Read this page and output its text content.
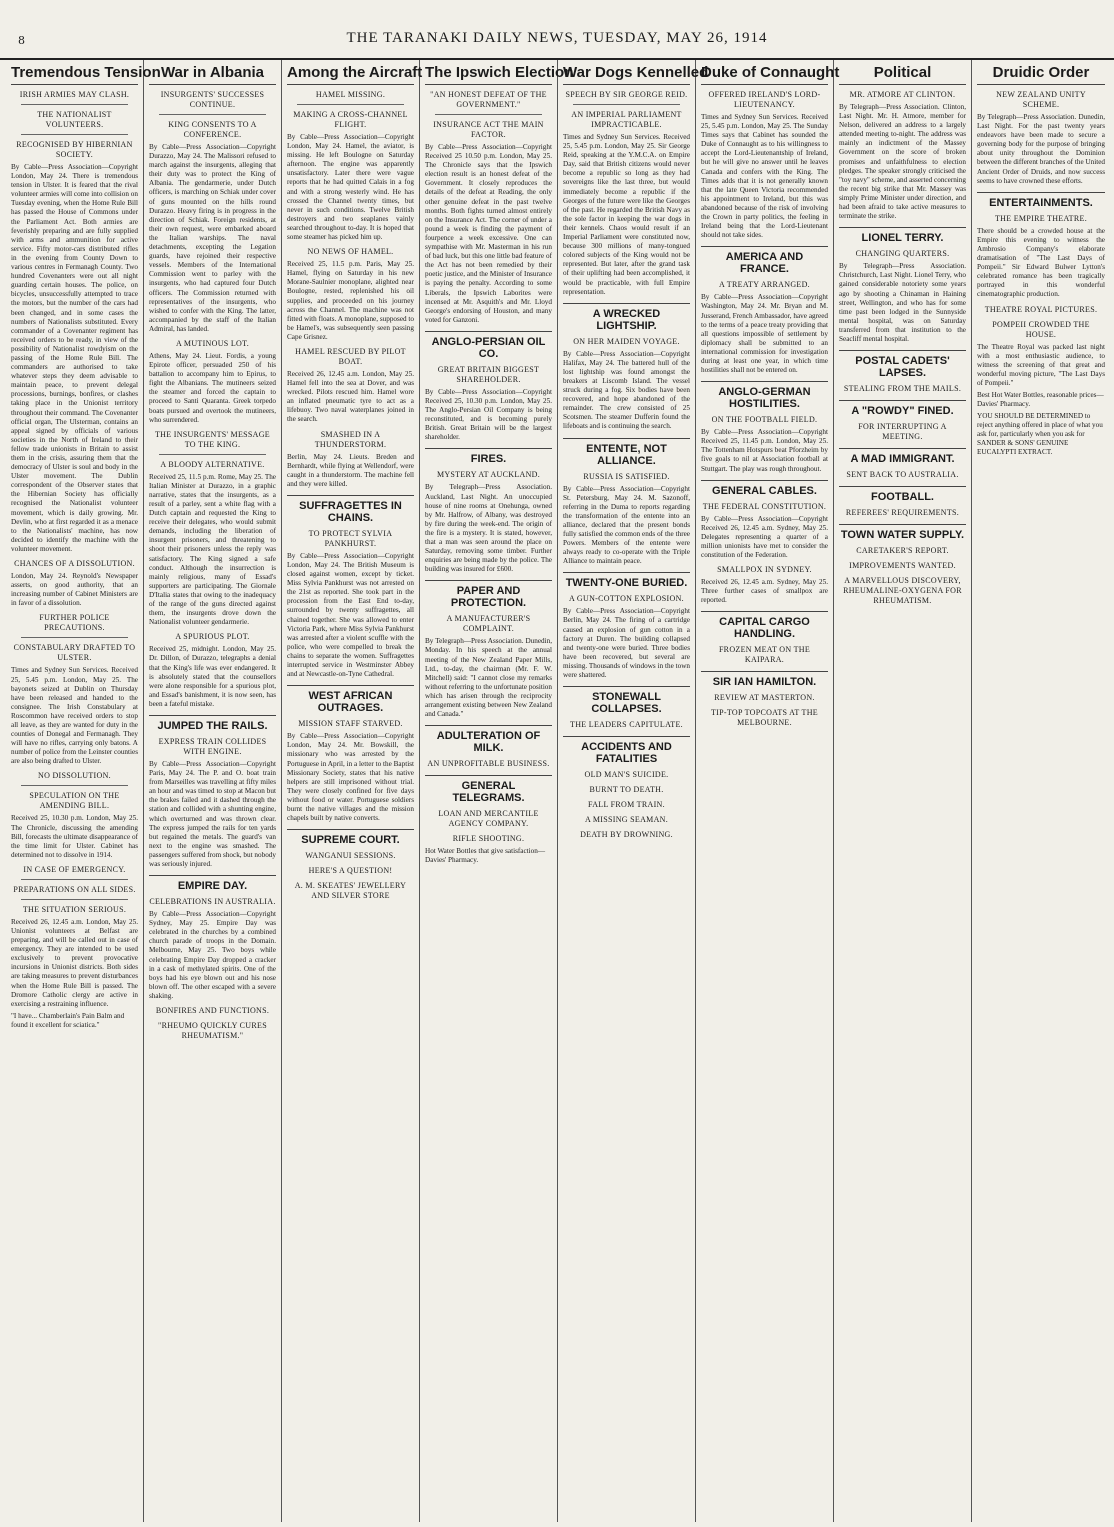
8	THE TARANAKI DAILY NEWS, TUESDAY, MAY 26, 1914
Tremendous Tension
IRISH ARMIES MAY CLASH.
THE NATIONALIST VOLUNTEERS.
RECOGNISED BY HIBERNIAN SOCIETY.
By Cable—Press Association—Copyright London, May 24. There is tremendous tension in Ulster. It is feared that the rival volunteer armies will come into collision on Tuesday evening, when the Home Rule Bill has passed the House of Commons under the Parliament Act. Both armies are feverishly preparing and are fully supplied with arms and ammunition for active service. Fifty motor-cars distributed rifles in the evening from County Down to various centres in Fermanagh County. Two hundred Covenanters were out all night guarding certain houses. The police, on bicycles, unsuccessfully attempted to trace the motors, but the number of the cars had been changed, and in some cases the numbers of Nationalists substituted. Every commander of a Covenanter regiment has received orders to be ready, in view of the possibility of Nationalist rowdyism on the passing of the Home Rule Bill. The commanders are authorised to take whatever steps they deem advisable to maintain peace, to prevent delegal processions, burnings, bonfires, or clashes taking place in the Unionist territory throughout their command. The Covenanter official organ, The Ulsterman, contains an appeal signed by officials of various societies in the North of Ireland to their fellow trade unionists in Britain to assist them in the crisis, assuring them that the democracy of Ulster is soul and body in the Ulster movement. The Dublin correspondent of the Observer states that the Hibernian Society has officially recognised the Nationalist volunteer movement, which is daily growing. Mr. Devlin, who at first regarded it as a menace to the Nationalists' machine, has now decided to identify the machine with the volunteer movement.
CHANCES OF A DISSOLUTION.
London, May 24. Reynold's Newspaper asserts, on good authority, that an increasing number of Cabinet Ministers are in favor of a dissolution.
FURTHER POLICE PRECAUTIONS.
CONSTABULARY DRAFTED TO ULSTER.
Times and Sydney Sun Services. Received 25, 5.45 p.m. London, May 25. The bayonets seized at Dublin on Thursday have been released and handed to the consignee. The Irish Constabulary at Roscommon have received orders to stop all leave, as they are wanted for duty in the counties of Donegal and Fermanagh. They will have no rifles, carrying only batons. A number of police from the Leinster counties are also being drafted to Ulster.
NO DISSOLUTION.
SPECULATION ON THE AMENDING BILL.
Received 25, 10.30 p.m. London, May 25. The Chronicle, discussing the amending Bill, forecasts the ultimate disappearance of the time limit for Ulster. Cabinet has determined not to dissolve in 1914.
IN CASE OF EMERGENCY.
PREPARATIONS ON ALL SIDES.
THE SITUATION SERIOUS.
Received 26, 12.45 a.m. London, May 25. Unionist volunteers at Belfast are preparing, and will be called out in case of emergency. They are intended to be used exclusively to prevent provocative incursions in Unionist districts. Both sides are taking measures to prevent disturbances when the Home Rule Bill is passed. The Dromore Catholic clergy are active in exercising a restraining influence.
"I have... Chamberlain's Pain Balm and found it excellent for sciatica."
War in Albania
INSURGENTS' SUCCESSES CONTINUE.
KING CONSENTS TO A CONFERENCE.
By Cable—Press Association—Copyright Durazzo, May 24. The Malissori refused to march against the insurgents, alleging that their duty was to protect the King of Albania. The gendarmerie, under Dutch officers, is marching on Schiak under cover of guns mounted on the hills round Durazzo. Heavy firing is in progress in the direction of Schiak. Foreign residents, at their own request, were embarked aboard the Italian warships. The naval detachments, excepting the Legation guards, have rejoined their respective vessels. Members of the International Commission went to parley with the insurgents, who had captured four Dutch officers. The Commission returned with representatives of the insurgents, who wished to confer with the King. The latter, accompanied by the staff of the Italian Admiral, has landed.
A MUTINOUS LOT.
Athens, May 24. Lieut. Fordis, a young Epirote officer, persuaded 250 of his battalion to accompany him to Epirus, to fight the Albanians. The mutineers seized the steamer and forced the captain to proceed to Santi Quaranta. Greek torpedo boats pursued and overtook the mutineers, who surrendered.
THE INSURGENTS' MESSAGE TO THE KING.
A BLOODY ALTERNATIVE.
Received 25, 11.5 p.m. Rome, May 25. The Italian Minister at Durazzo, in a graphic narrative, states that the insurgents, as a result of a parley, sent a white flag with a Dutch captain and requested the King to receive their delegates, who would submit demands, including the liberation of insurgent prisoners, and threatening to shoot their prisoners unless the reply was satisfactory. The King signed a safe conduct. Although the insurrection is mainly religious, many of Essad's supporters are participating. The Giornale D'Italia states that owing to the inadequacy of the range of the guns directed against them, the insurgents drove down the Nationalist volunteer gendarmerie.
A SPURIOUS PLOT.
Received 25, midnight. London, May 25. Dr. Dillon, of Durazzo, telegraphs a denial that the King's life was ever endangered. It is absolutely stated that the counsellors were alone responsible for a spurious plot, and Essad's banishment, it is now seen, has been a fateful mistake.
JUMPED THE RAILS.
EXPRESS TRAIN COLLIDES WITH ENGINE.
By Cable—Press Association—Copyright Paris, May 24. The P. and O. boat train from Marseilles was travelling at fifty miles an hour and was timed to stop at Macon but the brakes failed and it dashed through the station and collided with a shunting engine, which overturned and was thrown clear. The express jumped the rails for ten yards but regained the metals. The guard's van next to the engine was smashed. The passengers suffered from shock, but nobody was seriously injured.
EMPIRE DAY.
CELEBRATIONS IN AUSTRALIA.
By Cable—Press Association—Copyright Sydney, May 25. Empire Day was celebrated in the churches by a combined church parade of troops in the Domain. Melbourne, May 25. Two boys while celebrating Empire Day dropped a cracker in a cask of methylated spirits. One of the boys had his eye blown out and his nose blown off. The other escaped with a severe shaking.
BONFIRES AND FUNCTIONS.
"RHEUMO QUICKLY CURES RHEUMATISM."
Among the Aircraft
HAMEL MISSING.
MAKING A CROSS-CHANNEL FLIGHT.
By Cable—Press Association—Copyright London, May 24. Hamel, the aviator, is missing. He left Boulogne on Saturday afternoon. The engine was apparently unsatisfactory. Later there were vague reports that he had quitted Calais in a fog and with a strong westerly wind. He has crossed the Channel twenty times, but never in such conditions. Twelve British destroyers and two seaplanes vainly searched throughout to-day. It is hoped that some steamer has picked him up.
NO NEWS OF HAMEL.
Received 25, 11.5 p.m. Paris, May 25. Hamel, flying on Saturday in his new Morane-Saulnier monoplane, alighted near Boulogne, rested, replenished his oil supplies, and proceeded on his journey across the Channel. The machine was not fitted with floats. A monoplane, supposed to be Hamel's, was subsequently seen passing Cape Grisnez.
HAMEL RESCUED BY PILOT BOAT.
Received 26, 12.45 a.m. London, May 25. Hamel fell into the sea at Dover, and was wrecked. Pilots rescued him. Hamel wore an inflated pneumatic tyre to act as a lifebuoy. Two naval waterplanes joined in the search.
SMASHED IN A THUNDERSTORM.
Berlin, May 24. Lieuts. Breden and Bernhardt, while flying at Wellendorf, were caught in a thunderstorm. The machine fell and they were killed.
SUFFRAGETTES IN CHAINS.
TO PROTECT SYLVIA PANKHURST.
By Cable—Press Association—Copyright London, May 24. The British Museum is closed against women, except by ticket. Miss Sylvia Pankhurst was not arrested on the 21st as reported. She took part in the procession from the East End to-day, surrounded by twenty suffragettes, all chained together. She was allowed to enter Victoria Park, where Miss Sylvia Pankhurst was arrested after a violent scuffle with the police, who were compelled to break the chains to separate the women. Suffragettes interrupted service in Westminster Abbey and at Newcastle-on-Tyne Cathedral.
WEST AFRICAN OUTRAGES.
MISSION STAFF STARVED.
By Cable—Press Association—Copyright London, May 24. Mr. Bowskill, the missionary who was arrested by the Portuguese in April, in a letter to the Baptist Missionary Society, states that his native helpers are still imprisoned without trial. They were closely confined for five days without food or water. Portuguese soldiers burnt the native villages and the mission chapels built by native converts.
SUPREME COURT.
WANGANUI SESSIONS.
HERE'S A QUESTION!
A. M. SKEATES' JEWELLERY AND SILVER STORE
The Ipswich Election
"AN HONEST DEFEAT OF THE GOVERNMENT."
INSURANCE ACT THE MAIN FACTOR.
By Cable—Press Association—Copyright Received 25 10.50 p.m. London, May 25. The Chronicle says that the Ipswich election result is an honest defeat of the Government. It closely reproduces the details of the defeat at Reading, the only other genuine defeat in the past twelve months. Both fights turned almost entirely on the Insurance Act. The corner of under a pound a week is finding the payment of fourpence a week excessive. One can sympathise with Mr. Masterman in his run of bad luck, but this one little bad feature of the Act has not been remedied by their poetic justice, and the Minister of Insurance is paying the penalty. According to some Liberals, the Ipswich Laborites were incensed at Mr. Asquith's and Mr. Lloyd George's endorsing of Houston, and many voted for Ganzoni.
ANGLO-PERSIAN OIL CO.
GREAT BRITAIN BIGGEST SHAREHOLDER.
By Cable—Press Association—Copyright Received 25, 10.30 p.m. London, May 25. The Anglo-Persian Oil Company is being reconstituted, and is becoming purely British. Great Britain will be the largest shareholder.
FIRES.
MYSTERY AT AUCKLAND.
By Telegraph—Press Association. Auckland, Last Night. An unoccupied house of nine rooms at Onehunga, owned by Mr. Halfrow, of Albany, was destroyed by fire during the week-end. The origin of the fire is a mystery. It is stated, however, that a man was seen around the place on Saturday, removing some timber. Further enquiries are being made by the police. The building was insured for £600.
PAPER AND PROTECTION.
A MANUFACTURER'S COMPLAINT.
By Telegraph—Press Association. Dunedin, Monday. In his speech at the annual meeting of the New Zealand Paper Mills, Ltd., to-day, the chairman (Mr. F. W. Mitchell) said: "I cannot close my remarks without referring to the unfortunate position which has arisen through the reciprocity arrangement existing between New Zealand and Canada."
ADULTERATION OF MILK.
AN UNPROFITABLE BUSINESS.
GENERAL TELEGRAMS.
LOAN AND MERCANTILE AGENCY COMPANY.
RIFLE SHOOTING.
Hot Water Bottles that give satisfaction—Davies' Pharmacy.
War Dogs Kennelled
SPEECH BY SIR GEORGE REID.
AN IMPERIAL PARLIAMENT IMPRACTICABLE.
Times and Sydney Sun Services. Received 25, 5.45 p.m. London, May 25. Sir George Reid, speaking at the Y.M.C.A. on Empire Day, said that British citizens would never become a republic so long as they had sovereigns like the last three, but would immediately become a republic if the Georges of the future were like the Georges of the past. He regarded the British Navy as the sole factor in keeping the war dogs in their kennels. Chaos would result if an Imperial Parliament were constituted now, because 300 millions of many-tongued colored subjects of the King would not be represented. But later, after the grand task of their uplifting had been accomplished, it would be practicable, with full Empire representation.
A WRECKED LIGHTSHIP.
ON HER MAIDEN VOYAGE.
By Cable—Press Association—Copyright Halifax, May 24. The battered hull of the lost lightship was found amongst the breakers at Liscomb Island. The vessel struck during a fog. Six bodies have been recovered, and hope abandoned of the remainder. The crew consisted of 25 Scotsmen. The steamer Dufferin found the lifeboats and is continuing the search.
ENTENTE, NOT ALLIANCE.
RUSSIA IS SATISFIED.
By Cable—Press Association—Copyright St. Petersburg, May 24. M. Sazonoff, referring in the Duma to reports regarding the transformation of the entente into an alliance, declared that the present bonds fully satisfied the common ends of the three Powers. Members of the entente were always ready to co-operate with the Triple Alliance to maintain peace.
TWENTY-ONE BURIED.
A GUN-COTTON EXPLOSION.
By Cable—Press Association—Copyright Berlin, May 24. The firing of a cartridge caused an explosion of gun cotton in a factory at Duren. The building collapsed and twenty-one were buried. Three bodies have been recovered, but several are missing. Thousands of windows in the town were shattered.
STONEWALL COLLAPSES.
THE LEADERS CAPITULATE.
ACCIDENTS AND FATALITIES
OLD MAN'S SUICIDE.
BURNT TO DEATH.
FALL FROM TRAIN.
A MISSING SEAMAN.
DEATH BY DROWNING.
Duke of Connaught
OFFERED IRELAND'S LORD-LIEUTENANCY.
Times and Sydney Sun Services. Received 25, 5.45 p.m. London, May 25. The Sunday Times says that Cabinet has sounded the Duke of Connaught as to his willingness to accept the Lord-Lieutenantship of Ireland, but he will give no answer until he leaves Canada and confers with the King. The Times adds that it is not generally known that the late Queen Victoria recommended his appointment to Ireland, but this was abandoned because of the risk of involving the Crown in party politics, the feeling in Ireland being that the Lord-Lieutenant should not take sides.
AMERICA AND FRANCE.
A TREATY ARRANGED.
By Cable—Press Association—Copyright Washington, May 24. Mr. Bryan and M. Jusserand, French Ambassador, have agreed to the terms of a peace treaty providing that all questions impossible of settlement by diplomacy shall be submitted to an international commission for investigation during at least one year, in which time hostilities shall not be entered on.
ANGLO-GERMAN HOSTILITIES.
ON THE FOOTBALL FIELD.
By Cable—Press Association—Copyright Received 25, 11.45 p.m. London, May 25. The Tottenham Hotspurs beat Pforzheim by five goals to nil at Association football at Stuttgart. The play was rough throughout.
GENERAL CABLES.
THE FEDERAL CONSTITUTION.
By Cable—Press Association—Copyright Received 26, 12.45 a.m. Sydney, May 25. Delegates representing a quarter of a million unionists have met to consider the constitution of the Federation.
SMALLPOX IN SYDNEY.
Received 26, 12.45 a.m. Sydney, May 25. Three further cases of smallpox are reported.
CAPITAL CARGO HANDLING.
FROZEN MEAT ON THE KAIPARA.
SIR IAN HAMILTON.
REVIEW AT MASTERTON.
TIP-TOP TOPCOATS AT THE MELBOURNE.
Political
MR. ATMORE AT CLINTON.
By Telegraph—Press Association. Clinton, Last Night. Mr. H. Atmore, member for Nelson, delivered an address to a largely attended meeting to-night. The address was mainly an indictment of the Massey Government on the score of broken promises and unfaithfulness to election pledges. The speaker strongly criticised the "toy navy" scheme, and asserted concerning the recent big strike that Mr. Massey was simply Prime Minister under direction, and had been afraid to take active measures to terminate the strike.
LIONEL TERRY.
CHANGING QUARTERS.
By Telegraph—Press Association. Christchurch, Last Night. Lionel Terry, who gained considerable notoriety some years ago by shooting a Chinaman in Haining street, Wellington, and who has for some time past been lodged in the Sunnyside mental hospital, was on Saturday transferred from that institution to the Seacliff mental hospital.
POSTAL CADETS' LAPSES.
STEALING FROM THE MAILS.
A "ROWDY" FINED.
FOR INTERRUPTING A MEETING.
A MAD IMMIGRANT.
SENT BACK TO AUSTRALIA.
FOOTBALL.
REFEREES' REQUIREMENTS.
TOWN WATER SUPPLY.
CARETAKER'S REPORT.
IMPROVEMENTS WANTED.
A MARVELLOUS DISCOVERY, RHEUMALINE-OXYGENA FOR RHEUMATISM.
Druidic Order
NEW ZEALAND UNITY SCHEME.
By Telegraph—Press Association. Dunedin, Last Night. For the past twenty years endeavors have been made to secure a governing body for the purpose of bringing about unity throughout the Dominion between the different branches of the United Ancient Order of Druids, and now success seems to have crowned these efforts.
ENTERTAINMENTS.
THE EMPIRE THEATRE.
There should be a crowded house at the Empire this evening to witness the Ambrosio Company's elaborate dramatisation of "The Last Days of Pompeii." Sir Edward Bulwer Lytton's celebrated romance has been tragically portrayed in this wonderful cinematographic production.
THEATRE ROYAL PICTURES.
POMPEII CROWDED THE HOUSE.
The Theatre Royal was packed last night with a most enthusiastic audience, to witness the screening of that great and wonderful moving picture, "The Last Days of Pompeii."
Best Hot Water Bottles, reasonable prices—Davies' Pharmacy.
YOU SHOULD BE DETERMINED to reject anything offered in place of what you ask for, particularly when you ask for SANDER & SONS' GENUINE EUCALYPTI EXTRACT.
